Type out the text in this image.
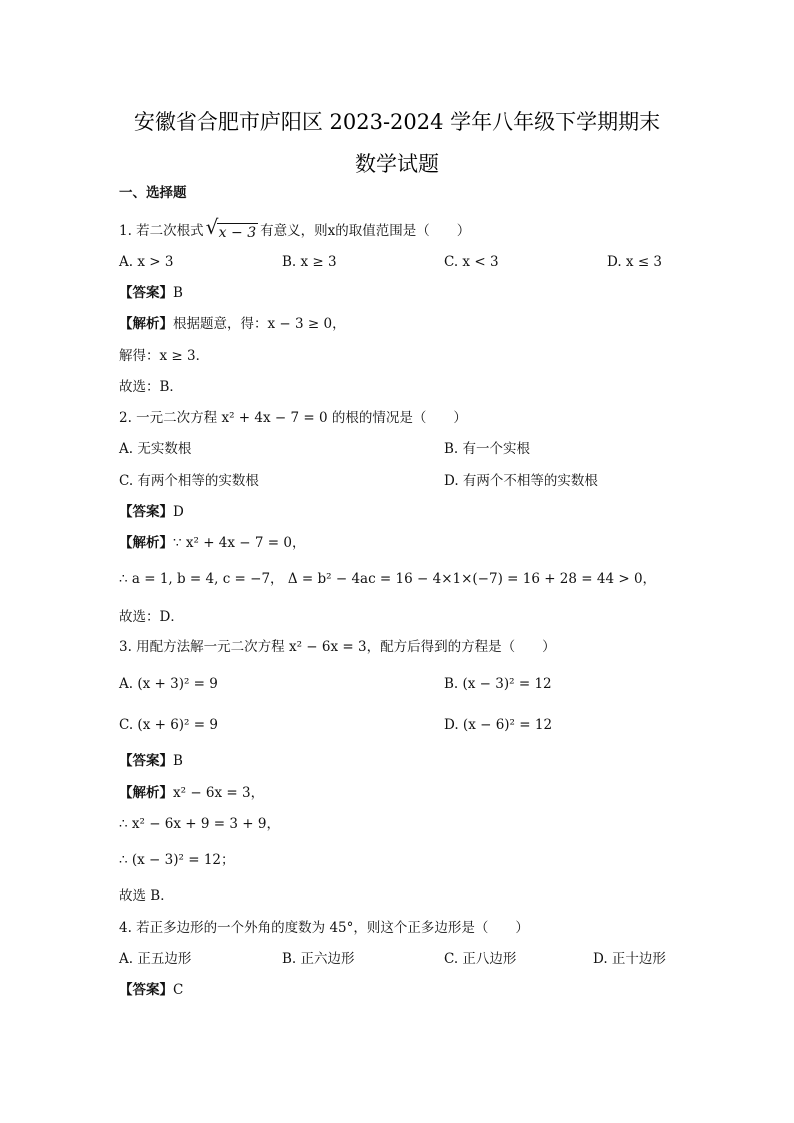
安徽省合肥市庐阳区 2023-2024 学年八年级下学期期末
数学试题
一、选择题
1. 若二次根式 √ x − 3 有意义，则x的取值范围是（　　）
A. x > 3	B. x ≥ 3	C. x < 3	D. x ≤ 3
【答案】B
【解析】根据题意，得：x − 3 ≥ 0，
解得：x ≥ 3．
故选：B．
2. 一元二次方程 x² + 4x − 7 = 0 的根的情况是（　　）
A. 无实数根	B. 有一个实根
C. 有两个相等的实数根	D. 有两个不相等的实数根
【答案】D
【解析】∵ x² + 4x − 7 = 0，
∴ a = 1, b = 4, c = −7， Δ = b² − 4ac = 16 − 4×1×(−7) = 16 + 28 = 44 > 0，
故选：D．
3. 用配方法解一元二次方程 x² − 6x = 3，配方后得到的方程是（　　）
A. (x + 3)² = 9	B. (x − 3)² = 12
C. (x + 6)² = 9	D. (x − 6)² = 12
【答案】B
【解析】x² − 6x = 3，
∴ x² − 6x + 9 = 3 + 9，
∴ (x − 3)² = 12；
故选 B．
4. 若正多边形的一个外角的度数为 45°，则这个正多边形是（　　）
A. 正五边形	B. 正六边形	C. 正八边形	D. 正十边形
【答案】C
